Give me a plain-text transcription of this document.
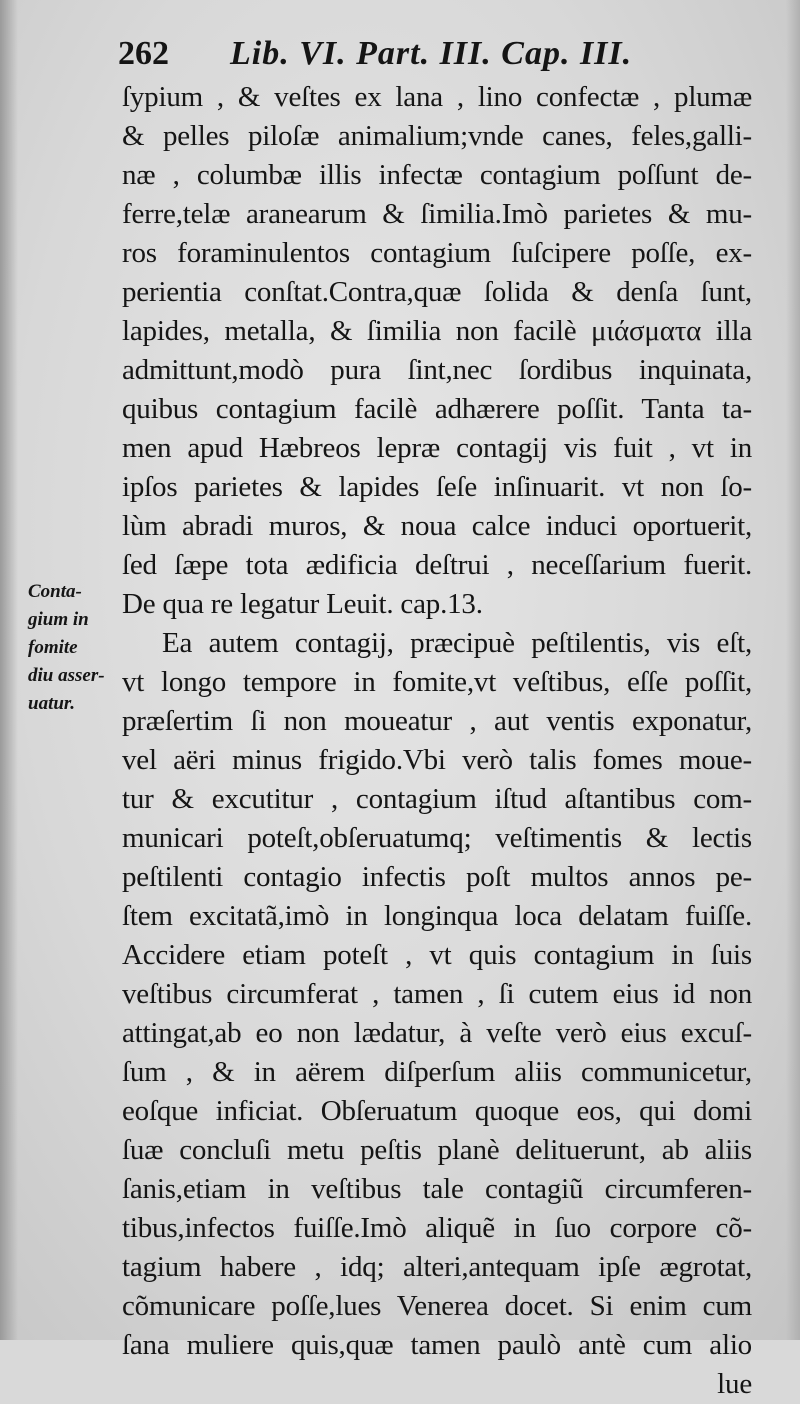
262 Lib. VI. Part. III. Cap. III.
Conta-
gium in
fomite
diu asser-
uatur.
ſypium , & veſtes ex lana , lino confectæ , plumæ
& pelles piloſæ animalium;vnde canes, feles,galli-
næ , columbæ illis infectæ contagium poſſunt de-
ferre,telæ aranearum & ſimilia.Imò parietes & mu-
ros foraminulentos contagium ſuſcipere poſſe, ex-
perientia conſtat.Contra,quæ ſolida & denſa ſunt,
lapides, metalla, & ſimilia non facilè μιάσματα illa
admittunt,modò pura ſint,nec ſordibus inquinata,
quibus contagium facilè adhærere poſſit. Tanta ta-
men apud Hæbreos lepræ contagij vis fuit , vt in
ipſos parietes & lapides ſeſe inſinuarit. vt non ſo-
lùm abradi muros, & noua calce induci oportuerit,
ſed ſæpe tota ædificia deſtrui , neceſſarium fuerit.
De qua re legatur Leuit. cap.13.
Ea autem contagij, præcipuè peſtilentis, vis eſt,
vt longo tempore in fomite,vt veſtibus, eſſe poſſit,
præſertim ſi non moueatur , aut ventis exponatur,
vel aëri minus frigido.Vbi verò talis fomes moue-
tur & excutitur , contagium iſtud aſtantibus com-
municari poteſt,obſeruatumq; veſtimentis & lectis
peſtilenti contagio infectis poſt multos annos pe-
ſtem excitatã,imò in longinqua loca delatam fuiſſe.
Accidere etiam poteſt , vt quis contagium in ſuis
veſtibus circumferat , tamen , ſi cutem eius id non
attingat,ab eo non lædatur, à veſte verò eius excuſ-
ſum , & in aërem diſperſum aliis communicetur,
eoſque inficiat. Obſeruatum quoque eos, qui domi
ſuæ concluſi metu peſtis planè delituerunt, ab aliis
ſanis,etiam in veſtibus tale contagiũ circumferen-
tibus,infectos fuiſſe.Imò aliquẽ in ſuo corpore cõ-
tagium habere , idq; alteri,antequam ipſe ægrotat,
cõmunicare poſſe,lues Venerea docet. Si enim cum
ſana muliere quis,quæ tamen paulò antè cum alio
lue
